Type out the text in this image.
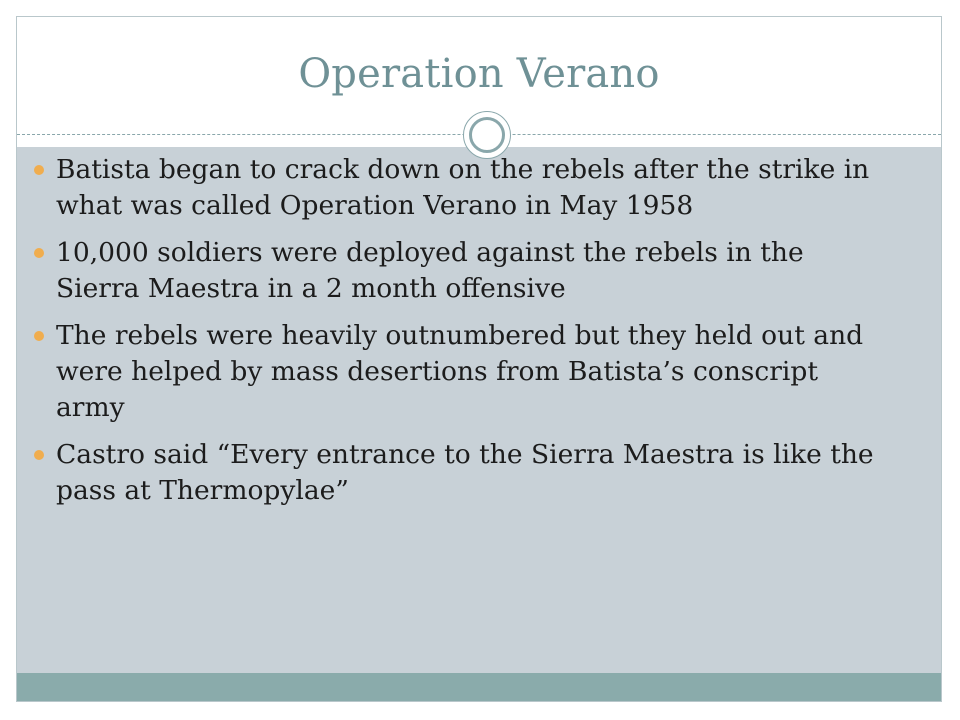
Operation Verano
Batista began to crack down on the rebels after the strike in what was called Operation Verano in May 1958
10,000 soldiers were deployed against the rebels in the Sierra Maestra in a 2 month offensive
The rebels were heavily outnumbered but they held out and were helped by mass desertions from Batista’s conscript army
Castro said “Every entrance to the Sierra Maestra is like the pass at Thermopylae”
